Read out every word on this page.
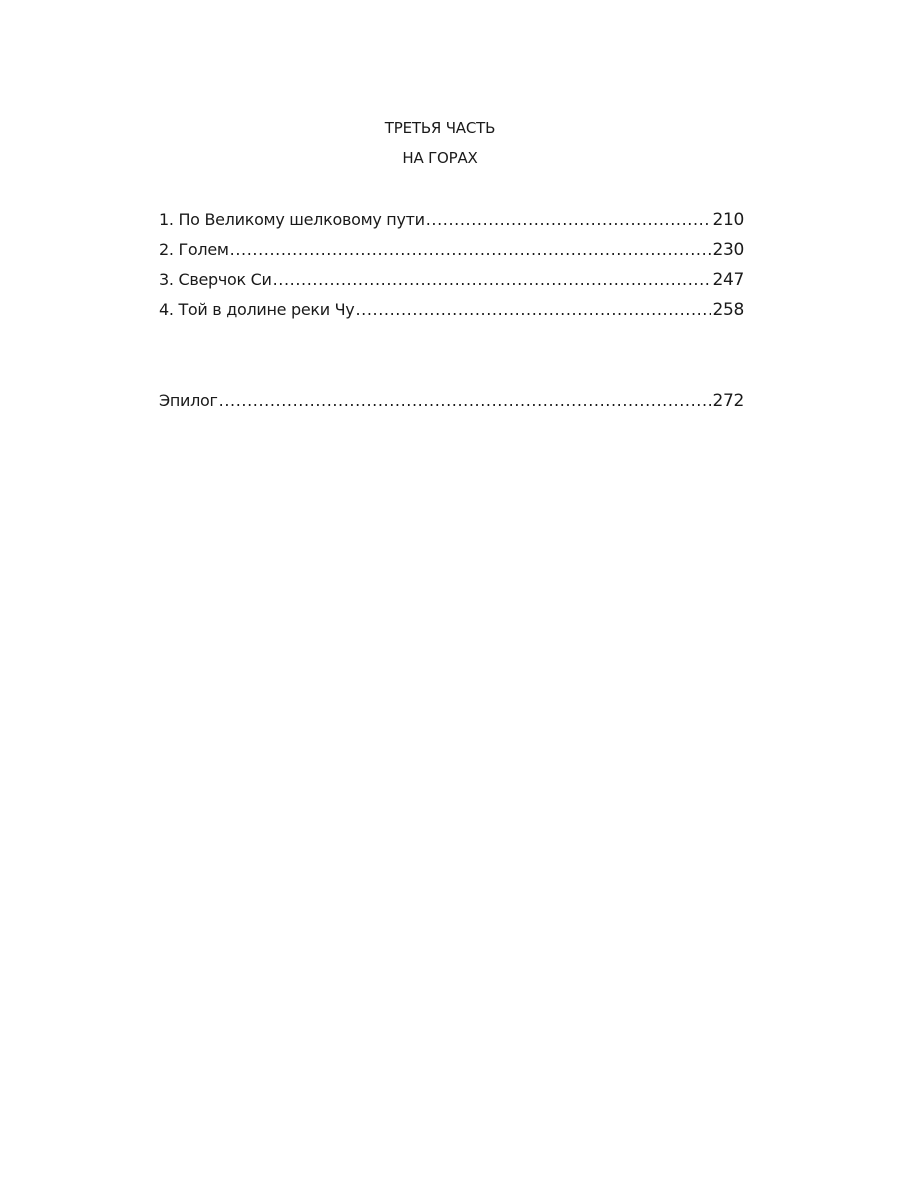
ТРЕТЬЯ ЧАСТЬ
НА ГОРАХ
1. По Великому шелковому пути .....	210
2. Голем .....	230
3. Сверчок Си .....	247
4. Той в долине реки Чу .....	258
Эпилог .....	272
